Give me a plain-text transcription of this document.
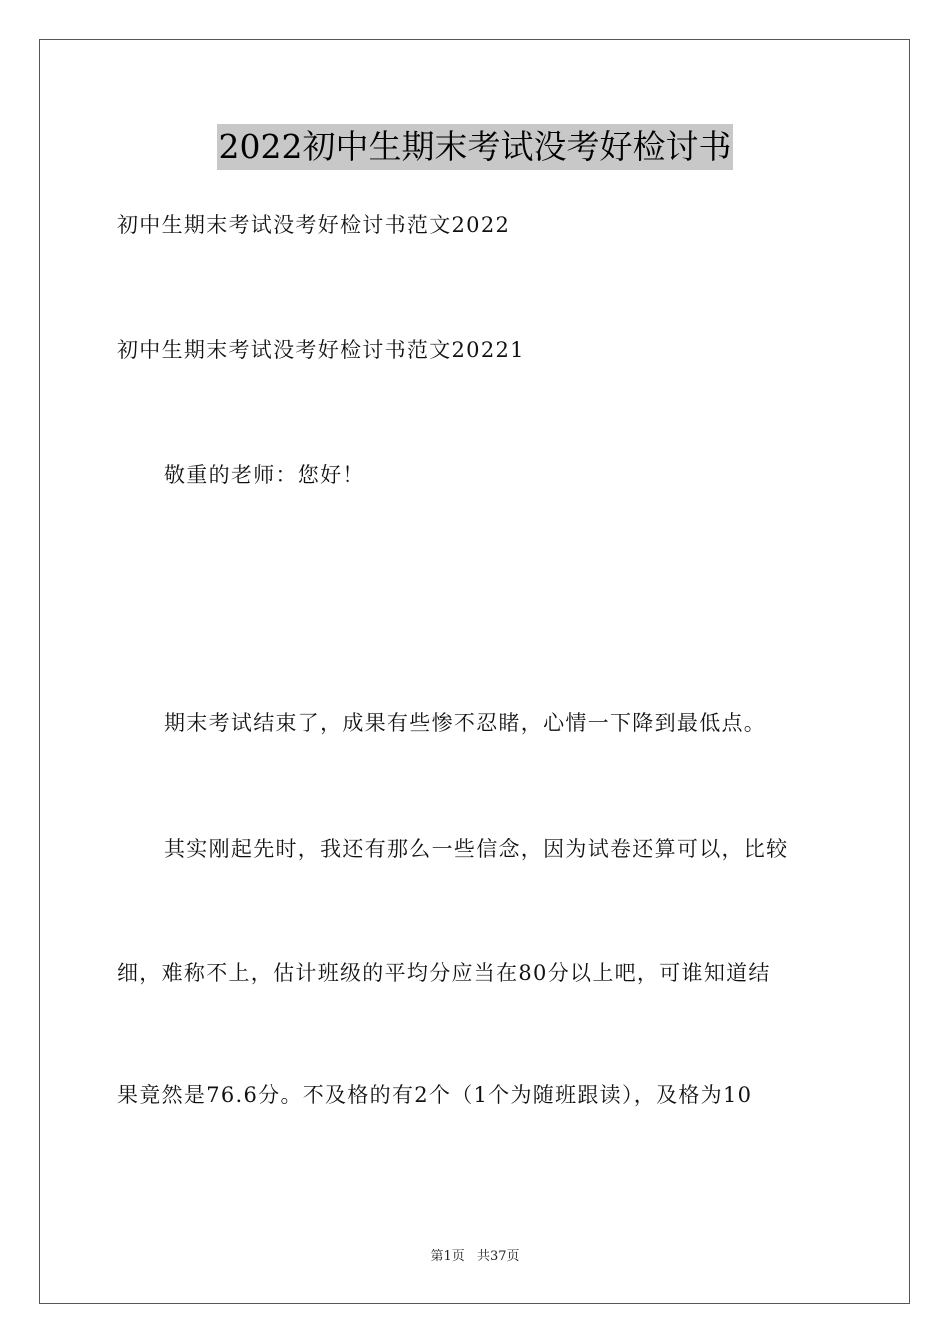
2022初中生期末考试没考好检讨书
初中生期末考试没考好检讨书范文2022
初中生期末考试没考好检讨书范文20221
敬重的老师：您好！
期末考试结束了，成果有些惨不忍睹，心情一下降到最低点。
其实刚起先时，我还有那么一些信念，因为试卷还算可以，比较
细，难称不上，估计班级的平均分应当在80分以上吧，可谁知道结
果竟然是76.6分。不及格的有2个（1个为随班跟读），及格为10
第1页 共37页
